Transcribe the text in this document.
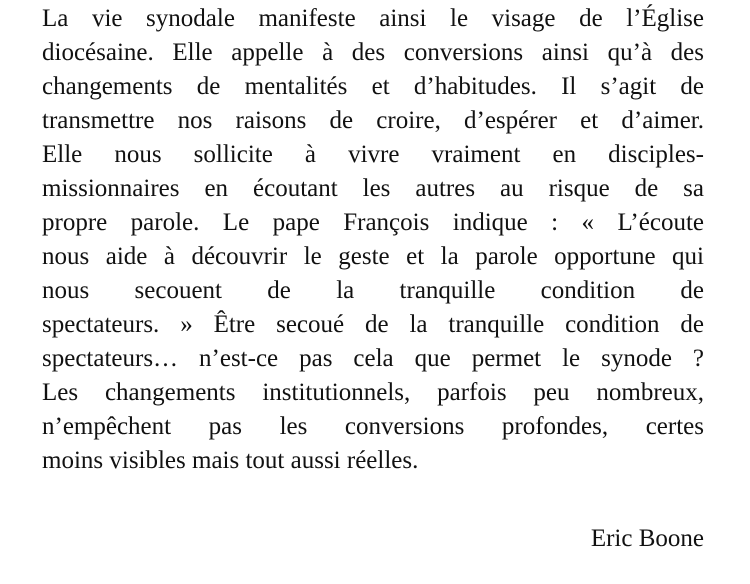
La vie synodale manifeste ainsi le visage de l’Église
diocésaine. Elle appelle à des conversions ainsi qu’à des
changements de mentalités et d’habitudes. Il s’agit de
transmettre nos raisons de croire, d’espérer et d’aimer.
Elle nous sollicite à vivre vraiment en disciples-
missionnaires en écoutant les autres au risque de sa
propre parole. Le pape François indique : « L’écoute
nous aide à découvrir le geste et la parole opportune qui
nous secouent de la tranquille condition de
spectateurs. » Être secoué de la tranquille condition de
spectateurs… n’est-ce pas cela que permet le synode ?
Les changements institutionnels, parfois peu nombreux,
n’empêchent pas les conversions profondes, certes
moins visibles mais tout aussi réelles.

Eric Boone
